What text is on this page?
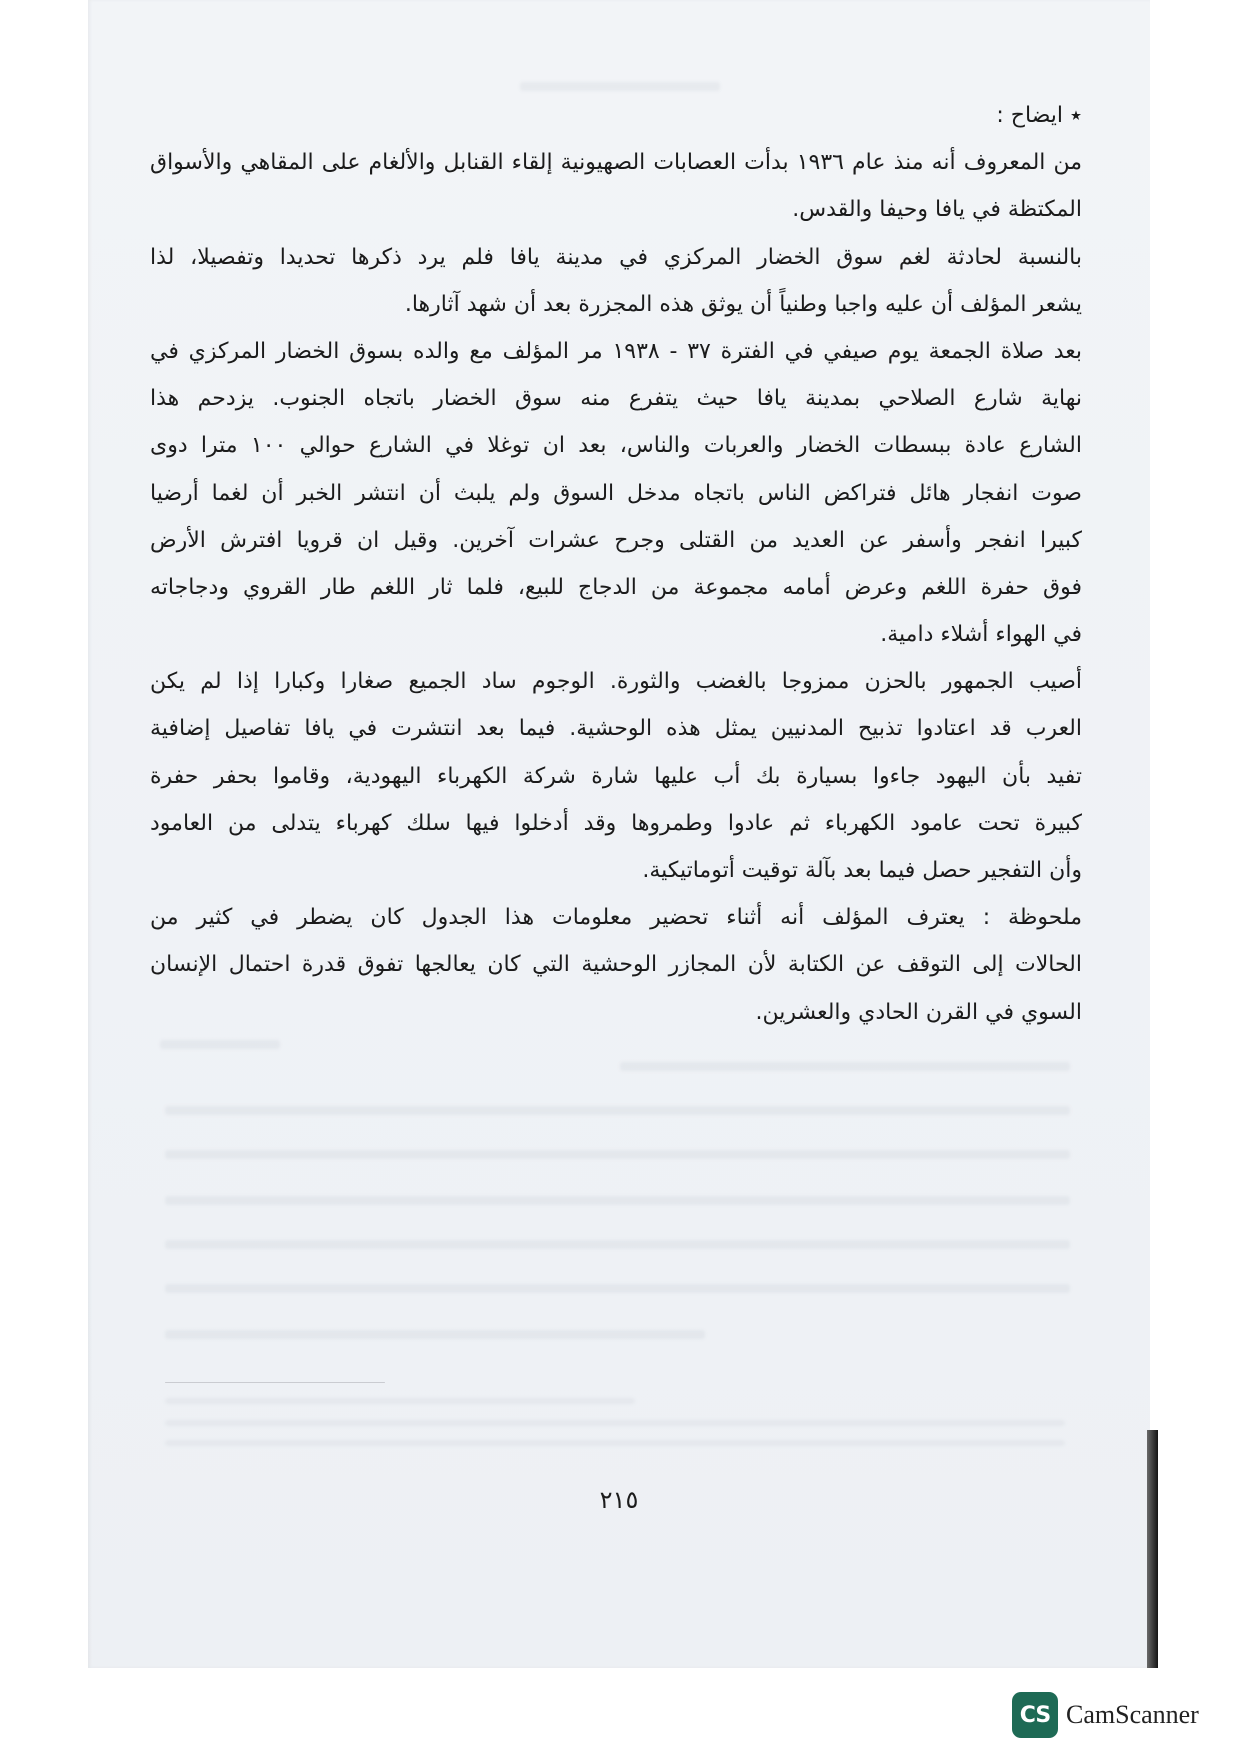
٭ ايضاح :
من المعروف أنه منذ عام ١٩٣٦ بدأت العصابات الصهيونية إلقاء القنابل والألغام على المقاهي والأسواق
المكتظة في يافا وحيفا والقدس.
بالنسبة لحادثة لغم سوق الخضار المركزي في مدينة يافا فلم يرد ذكرها تحديدا وتفصيلا، لذا
يشعر المؤلف أن عليه واجبا وطنياً أن يوثق هذه المجزرة بعد أن شهد آثارها.
بعد صلاة الجمعة يوم صيفي في الفترة ٣٧ - ١٩٣٨ مر المؤلف مع والده بسوق الخضار المركزي في
نهاية شارع الصلاحي بمدينة يافا حيث يتفرع منه سوق الخضار باتجاه الجنوب. يزدحم هذا
الشارع عادة ببسطات الخضار والعربات والناس، بعد ان توغلا في الشارع حوالي ١٠٠ مترا دوى
صوت انفجار هائل فتراكض الناس باتجاه مدخل السوق ولم يلبث أن انتشر الخبر أن لغما أرضيا
كبيرا انفجر وأسفر عن العديد من القتلى وجرح عشرات آخرين. وقيل ان قرويا افترش الأرض
فوق حفرة اللغم وعرض أمامه مجموعة من الدجاج للبيع، فلما ثار اللغم طار القروي ودجاجاته
في الهواء أشلاء دامية.
أصيب الجمهور بالحزن ممزوجا بالغضب والثورة. الوجوم ساد الجميع صغارا وكبارا إذا لم يكن
العرب قد اعتادوا تذبيح المدنيين يمثل هذه الوحشية. فيما بعد انتشرت في يافا تفاصيل إضافية
تفيد بأن اليهود جاءوا بسيارة بك أب عليها شارة شركة الكهرباء اليهودية، وقاموا بحفر حفرة
كبيرة تحت عامود الكهرباء ثم عادوا وطمروها وقد أدخلوا فيها سلك كهرباء يتدلى من العامود
وأن التفجير حصل فيما بعد بآلة توقيت أتوماتيكية.
ملحوظة : يعترف المؤلف أنه أثناء تحضير معلومات هذا الجدول كان يضطر في كثير من
الحالات إلى التوقف عن الكتابة لأن المجازر الوحشية التي كان يعالجها تفوق قدرة احتمال الإنسان
السوي في القرن الحادي والعشرين.
٢١٥
CS CamScanner
